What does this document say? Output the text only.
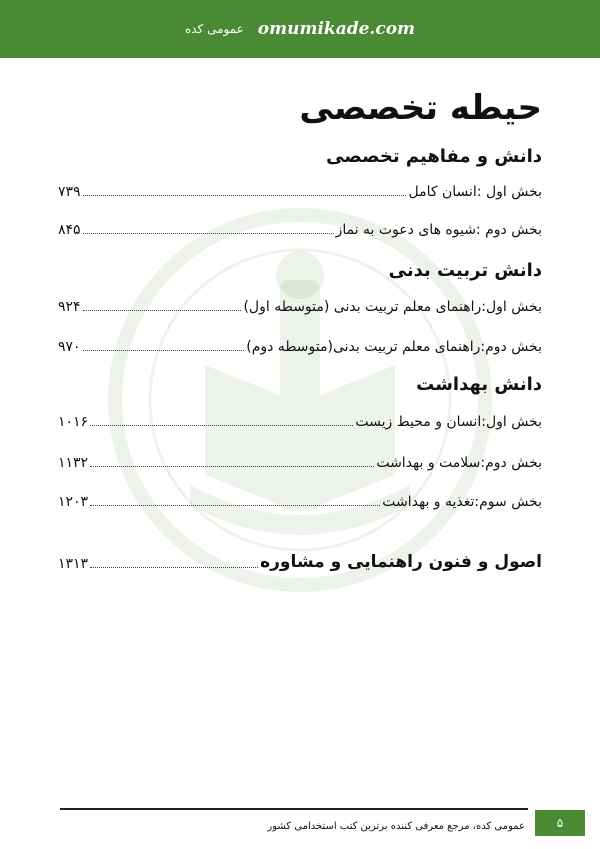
عمومی کده omumikade.com
حیطه تخصصی
دانش و مفاهیم تخصصی
بخش اول :انسان کامل
۷۳۹
بخش دوم :شیوه های دعوت به نماز
۸۴۵
دانش تربیت بدنی
بخش اول:راهنمای معلم تربیت بدنی (متوسطه اول)
۹۲۴
بخش دوم:راهنمای معلم تربیت بدنی(متوسطه دوم)
۹۷۰
دانش بهداشت
بخش اول:انسان و محیط زیست
۱۰۱۶
بخش دوم:سلامت و بهداشت
۱۱۳۲
بخش سوم:تغذیه و بهداشت
۱۲۰۳
اصول و فنون راهنمایی و مشاوره
۱۳۱۳
عمومی کده، مرجع معرفی کننده برترین کتب استخدامی کشور	۵
